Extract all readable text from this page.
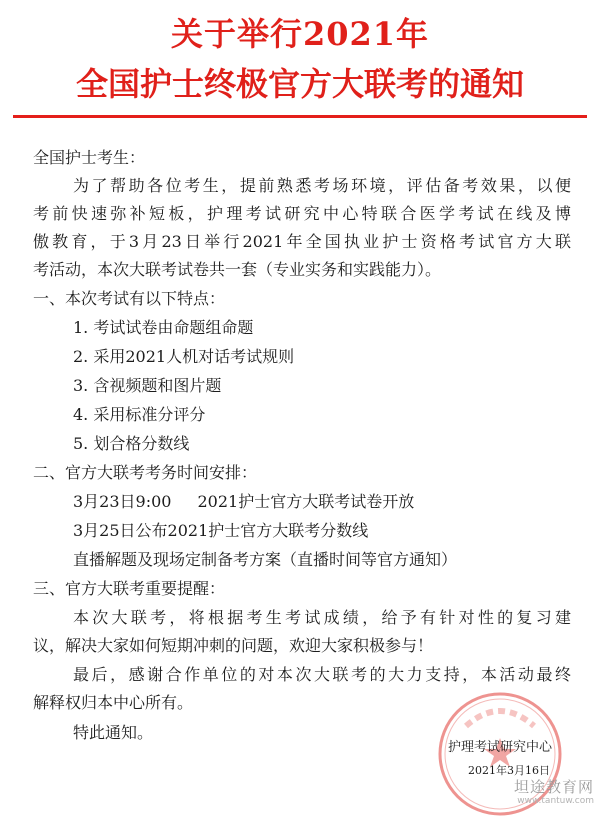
关于举行2021年
全国护士终极官方大联考的通知
全国护士考生：
为了帮助各位考生，提前熟悉考场环境，评估备考效果，以便
考前快速弥补短板，护理考试研究中心特联合医学考试在线及博
傲教育，于3月23日举行2021年全国执业护士资格考试官方大联
考活动，本次大联考试卷共一套（专业实务和实践能力）。
一、本次考试有以下特点：
1. 考试试卷由命题组命题
2. 采用2021人机对话考试规则
3. 含视频题和图片题
4. 采用标准分评分
5. 划合格分数线
二、官方大联考考务时间安排：
3月23日9:00 2021护士官方大联考试卷开放
3月25日公布2021护士官方大联考分数线
直播解题及现场定制备考方案（直播时间等官方通知）
三、官方大联考重要提醒：
本次大联考，将根据考生考试成绩，给予有针对性的复习建
议，解决大家如何短期冲刺的问题，欢迎大家积极参与！
最后，感谢合作单位的对本次大联考的大力支持，本活动最终
解释权归本中心所有。
特此通知。
护理考试研究中心
2021年3月16日
坦途教育网
www.tantuw.com
